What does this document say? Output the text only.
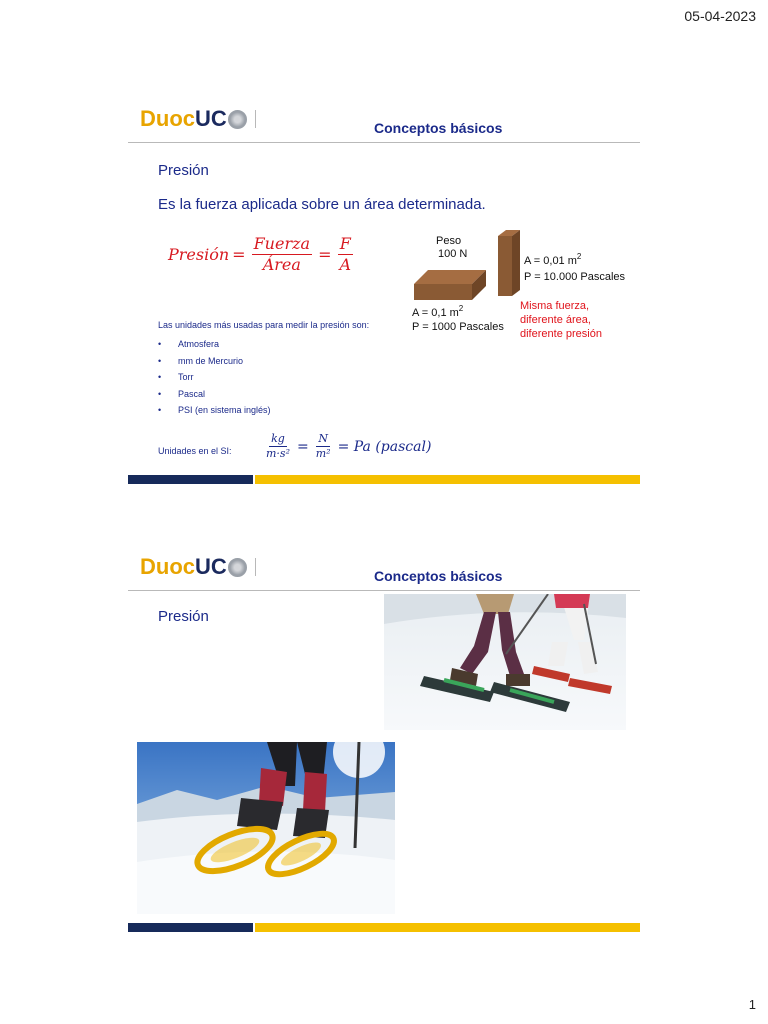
05-04-2023
Duoc UC	Conceptos básicos
Presión
Es la fuerza aplicada sobre un área determinada.
Presión = $\frac{\text{Fuerza}}{\text{Área}} = \frac{F}{A}$	Peso
100 N
A = 0,01 $m^2$
P = 10.000 Pascales
A = 0,1 $m^2$
P = 1000 Pascales
Misma fuerza,
diferente área,
diferente presión
Las unidades más usadas para medir la presión son:
•	Atmosfera
•	mm de Mercurio
•	Torr
•	Pascal
•	PSI (en sistema inglés)
Unidades en el SI:	$\frac{kg}{\text{m·s²}} = \frac{N}{\text{m²}} = Pa$ (pascal)
Duoc UC	Conceptos básicos
Presión
1
